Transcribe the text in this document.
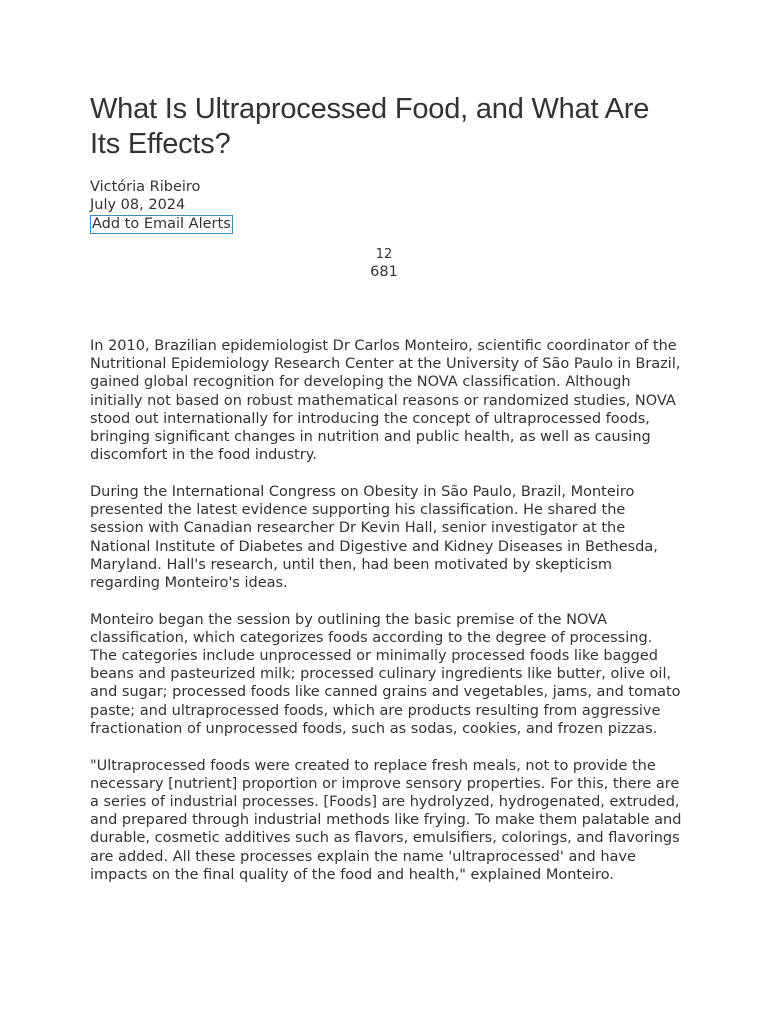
What Is Ultraprocessed Food, and What Are Its Effects?
Victória Ribeiro
July 08, 2024
Add to Email Alerts
12
681

In 2010, Brazilian epidemiologist Dr Carlos Monteiro, scientific coordinator of the Nutritional Epidemiology Research Center at the University of São Paulo in Brazil, gained global recognition for developing the NOVA classification. Although initially not based on robust mathematical reasons or randomized studies, NOVA stood out internationally for introducing the concept of ultraprocessed foods, bringing significant changes in nutrition and public health, as well as causing discomfort in the food industry.

During the International Congress on Obesity in São Paulo, Brazil, Monteiro presented the latest evidence supporting his classification. He shared the session with Canadian researcher Dr Kevin Hall, senior investigator at the National Institute of Diabetes and Digestive and Kidney Diseases in Bethesda, Maryland. Hall's research, until then, had been motivated by skepticism regarding Monteiro's ideas.

Monteiro began the session by outlining the basic premise of the NOVA classification, which categorizes foods according to the degree of processing. The categories include unprocessed or minimally processed foods like bagged beans and pasteurized milk; processed culinary ingredients like butter, olive oil, and sugar; processed foods like canned grains and vegetables, jams, and tomato paste; and ultraprocessed foods, which are products resulting from aggressive fractionation of unprocessed foods, such as sodas, cookies, and frozen pizzas.

"Ultraprocessed foods were created to replace fresh meals, not to provide the necessary [nutrient] proportion or improve sensory properties. For this, there are a series of industrial processes. [Foods] are hydrolyzed, hydrogenated, extruded, and prepared through industrial methods like frying. To make them palatable and durable, cosmetic additives such as flavors, emulsifiers, colorings, and flavorings are added. All these processes explain the name 'ultraprocessed' and have impacts on the final quality of the food and health," explained Monteiro.
